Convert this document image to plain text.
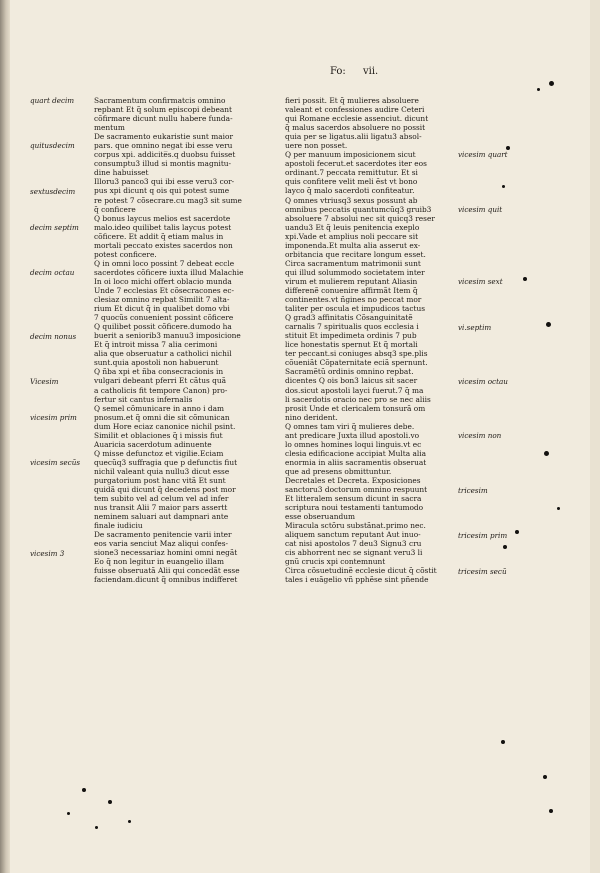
Fo: vii.
Sacramentum confirmatcis omnino
repbant Et q̃ solum episcopi debeant
cõfirmare dicunt nullu habere funda-
mentum
De sacramento eukaristie sunt maior
pars. que omnino negat ibi esse veru
corpus xpi. addicite̅s.q duobsu fuisset
consumptu3 illud si montis magnitu-
dine habuisset
Illoru3 panco3 qui ibi esse veru3 cor-
pus xpi dicunt q ois qui potest sume
re potest 7 cõsecrare.cu mag3 sit sume
q̃ conficere
Q bonus laycus melios est sacerdote
malo.ideo quilibet talis laycus potest
cõficere. Et addit q̃ etiam malus in
mortali peccato existes sacerdos non
potest conficere.
Q in omni loco possint 7 debeat eccle
sacerdotes cõficere iuxta illud Malachie
In oi loco michi offert oblacio munda
Unde 7 ecclesias Et cõsecracones ec-
clesiaz omnino repbat Similit 7 alta-
rium Et dicut q̃ in qualibet domo vbi
7 quocũs conuenient possint cõficere
Q quilibet possit cõficere.dumodo ha
buerit a seniorib3 manuu3 imposicione
Et q̃ introit missa 7 alia cerimoni
alia que obseruatur a catholici nichil
sunt.quia apostoli non habuerunt
Q ñba xpi et ñba consecracionis in
vulgari debeant pferri Et cãtus quã
a catholicis fit tempore Canon) pro-
fertur sit cantus infernalis
Q semel cõmunicare in anno i dam
pnosum.et q̃ omni die sit cõmunican
dum Hore eciaz canonice nichil psint.
Similit et oblaciones q̃ i missis fiut
Auaricia sacerdotum adinuente
Q misse defunctoz et vigilie.Eciam
quecũq3 suffragia que p defunctis fiut
nichil valeant quia nullu3 dicut esse
purgatorium post hanc vitã Et sunt
quidã qui dicunt q̃ decedens post mor
tem subito vel ad celum vel ad infer
nus transit Alii 7 maior pars assertt
neminem saluari aut dampnari ante
finale iudiciu
De sacramento penitencie varii inter
eos varia senciut Maz aliqui confes-
sione3 necessariaz homini omni negãt
Eo q̃ non legitur in euangelio illam
fuisse obseruatã Alii qui concedãt esse
faciendam.dicunt q̃ omnibus indifferet
fieri possit. Et q̃ mulieres absoluere
valeant et confessiones audire Ceteri
qui Romane ecclesie assenciut. dicunt
q̃ malus sacerdos absoluere no possit
quia per se ligatus.alii ligatu3 absol-
uere non posset.
Q per manuum imposicionem sicut
apostoli fecerut.et sacerdotes iter eos
ordinant.7 peccata remittutur. Et si
quis confitere velit meli ẽst vt bono
layco q̃ malo sacerdoti confiteatur.
Q omnes vtriusq3 sexus possunt ab
omnibus peccatis quantumcũq3 gruib3
absoluere 7 absolui nec sit quicq3 reser
uandu3 Et q̃ leuis penitencia exeplo
xpi.Vade et amplius noli peccare sit
imponenda.Et multa alia asserut ex-
orbitancia que recitare longum esset.
Circa sacramentum matrimonii sunt
qui illud solummodo societatem inter
virum et mulierem reputant Aliasin
differenẽ conuenire affirmãt Item q̃
continentes.vt ñgines no peccat mor
taliter per oscula et impudicos tactus
Q grad3 affinitatis Cõsanguinitatẽ
carnalis 7 spiritualis quos ecclesia i
stituit Et impedimeta ordinis 7 pub
lice honestatis spernut Et q̃ mortali
ter peccant.si coniuges absq3 spe.plis
cõueniãt Cõpaternitate eciã spernunt.
Sacramẽtũ ordinis omnino repbat.
dicentes Q ois bon3 laicus sit sacer
dos.sicut apostoli layci fuerut.7 q̃ ma
li sacerdotis oracio nec pro se nec aliis
prosit Unde et clericalem tonsurã om
nino derident.
Q omnes tam viri q̃ mulieres debe.
ant predicare Juxta illud apostoli.vo
lo omnes homines loqui linguis.vt ec
clesia edificacione accipiat Multa alia
enormia in aliis sacramentis obseruat
que ad presens obmittuntur.
Decretales et Decreta. Exposiciones
sanctoru3 doctorum omnino respuunt
Et litteralem sensum dicunt in sacra
scriptura noui testamenti tantumodo
esse obseruandum
Miracula sctõru substãnat.primo nec.
aliquem sanctum reputant Aut inuo-
cat nisi apostolos 7 deu3 Signu3 cru
cis abhorrent nec se signant veru3 li
gnũ crucis xpi contemnunt
Circa cõsuetudinẽ ecclesie dicut q̃ cõstit
tales i euãgelio vñ pphẽse sint pñende
quart decim
quitusdecim
sextusdecim
decim septim
decim octau
decim nonus
Vicesim
vicesim prim
vicesim secũs
vicesim 3
vicesim quart
vicesim quit
vicesim sext
vi.septim
vicesim octau
vicesim non
tricesim
tricesim prim
tricesim secũ
